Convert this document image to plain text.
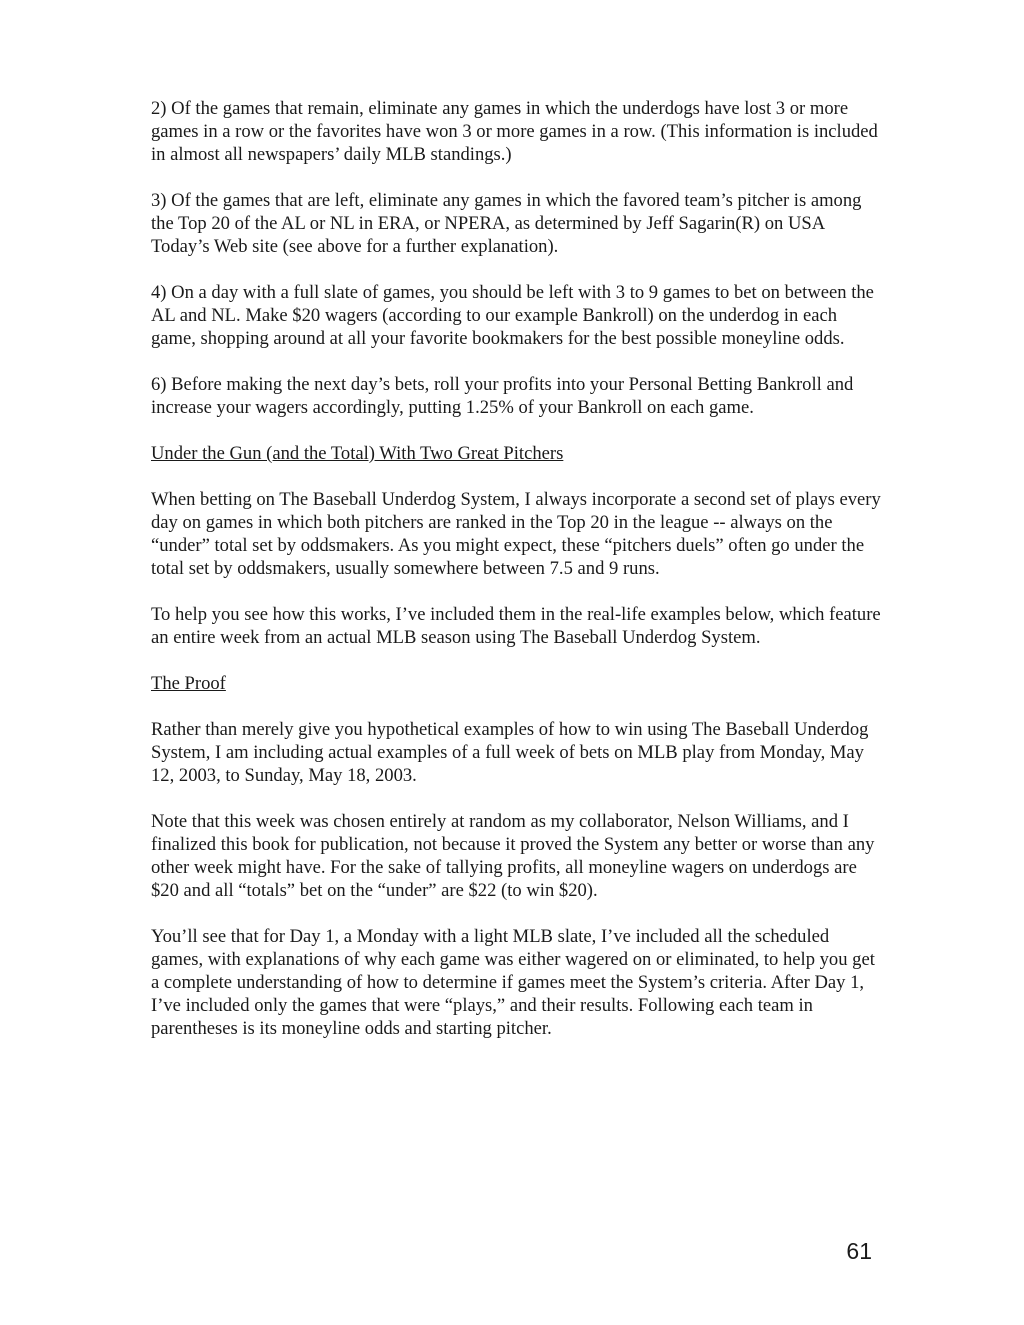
2) Of the games that remain, eliminate any games in which the underdogs have lost 3 or more games in a row or the favorites have won 3 or more games in a row. (This information is included in almost all newspapers’ daily MLB standings.)

3) Of the games that are left, eliminate any games in which the favored team’s pitcher is among the Top 20 of the AL or NL in ERA, or NPERA, as determined by Jeff Sagarin(R) on USA Today’s Web site (see above for a further explanation).

4) On a day with a full slate of games, you should be left with 3 to 9 games to bet on between the AL and NL. Make $20 wagers (according to our example Bankroll) on the underdog in each game, shopping around at all your favorite bookmakers for the best possible moneyline odds.

6) Before making the next day’s bets, roll your profits into your Personal Betting Bankroll and increase your wagers accordingly, putting 1.25% of your Bankroll on each game.

Under the Gun (and the Total) With Two Great Pitchers

When betting on The Baseball Underdog System, I always incorporate a second set of plays every day on games in which both pitchers are ranked in the Top 20 in the league -- always on the “under” total set by oddsmakers. As you might expect, these “pitchers duels” often go under the total set by oddsmakers, usually somewhere between 7.5 and 9 runs.

To help you see how this works, I’ve included them in the real-life examples below, which feature an entire week from an actual MLB season using The Baseball Underdog System.

The Proof

Rather than merely give you hypothetical examples of how to win using The Baseball Underdog System, I am including actual examples of a full week of bets on MLB play from Monday, May 12, 2003, to Sunday, May 18, 2003.

Note that this week was chosen entirely at random as my collaborator, Nelson Williams, and I finalized this book for publication, not because it proved the System any better or worse than any other week might have. For the sake of tallying profits, all moneyline wagers on underdogs are $20 and all “totals” bet on the “under” are $22 (to win $20).

You’ll see that for Day 1, a Monday with a light MLB slate, I’ve included all the scheduled games, with explanations of why each game was either wagered on or eliminated, to help you get a complete understanding of how to determine if games meet the System’s criteria. After Day 1, I’ve included only the games that were “plays,” and their results. Following each team in parentheses is its moneyline odds and starting pitcher.

61
